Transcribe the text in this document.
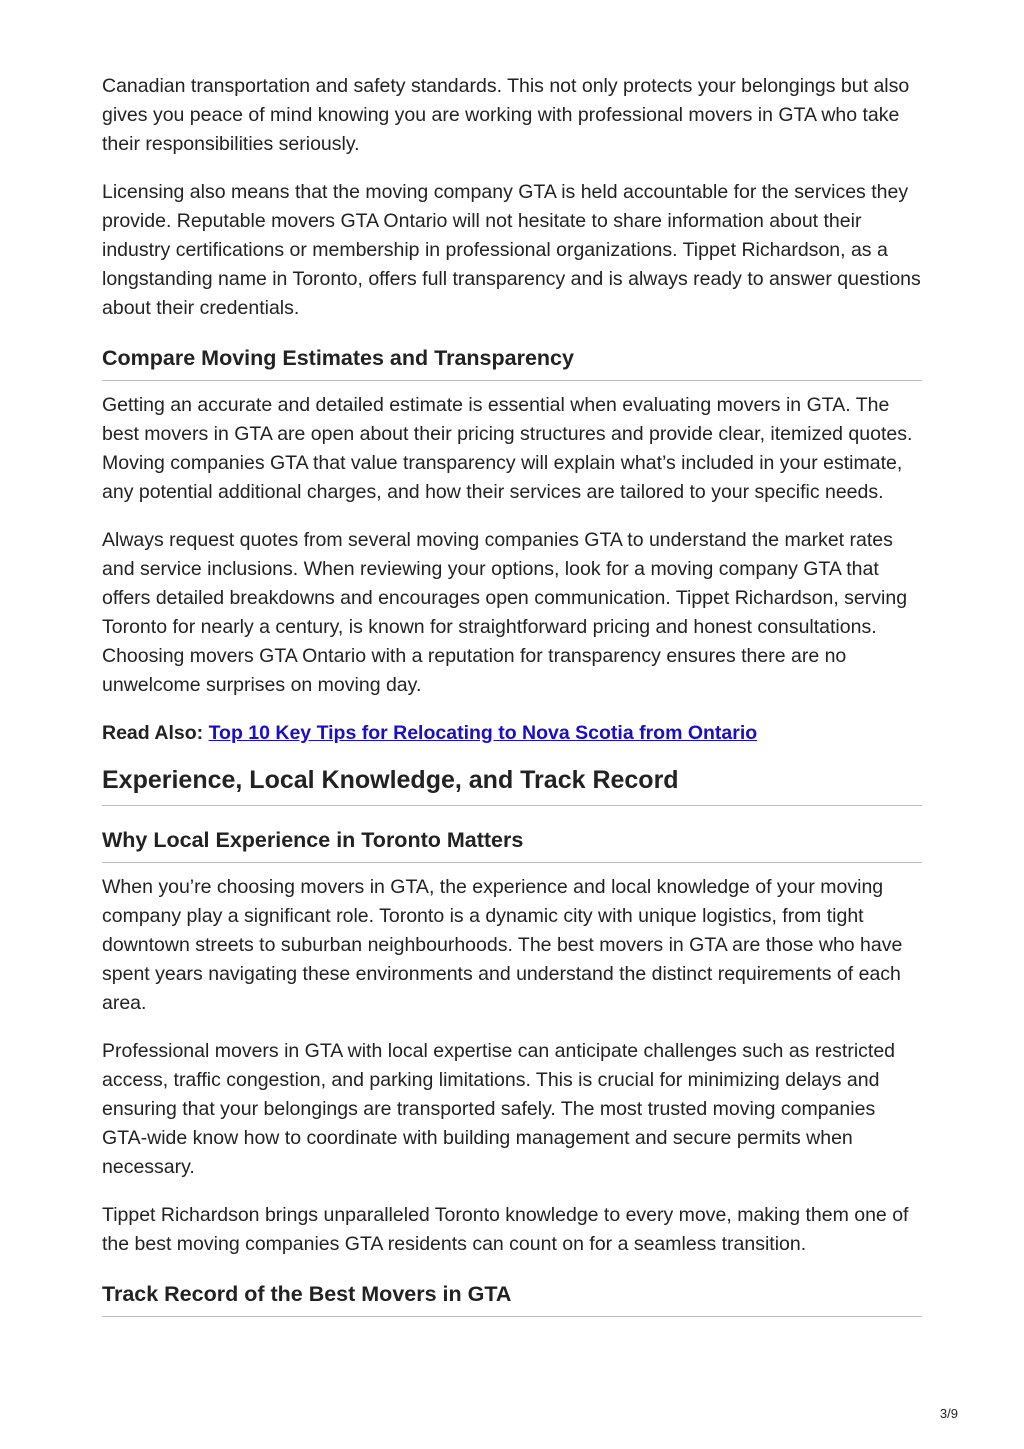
Canadian transportation and safety standards. This not only protects your belongings but also gives you peace of mind knowing you are working with professional movers in GTA who take their responsibilities seriously.

Licensing also means that the moving company GTA is held accountable for the services they provide. Reputable movers GTA Ontario will not hesitate to share information about their industry certifications or membership in professional organizations. Tippet Richardson, as a longstanding name in Toronto, offers full transparency and is always ready to answer questions about their credentials.

Compare Moving Estimates and Transparency

Getting an accurate and detailed estimate is essential when evaluating movers in GTA. The best movers in GTA are open about their pricing structures and provide clear, itemized quotes. Moving companies GTA that value transparency will explain what’s included in your estimate, any potential additional charges, and how their services are tailored to your specific needs.

Always request quotes from several moving companies GTA to understand the market rates and service inclusions. When reviewing your options, look for a moving company GTA that offers detailed breakdowns and encourages open communication. Tippet Richardson, serving Toronto for nearly a century, is known for straightforward pricing and honest consultations. Choosing movers GTA Ontario with a reputation for transparency ensures there are no unwelcome surprises on moving day.

Read Also: Top 10 Key Tips for Relocating to Nova Scotia from Ontario
Experience, Local Knowledge, and Track Record
Why Local Experience in Toronto Matters

When you’re choosing movers in GTA, the experience and local knowledge of your moving company play a significant role. Toronto is a dynamic city with unique logistics, from tight downtown streets to suburban neighbourhoods. The best movers in GTA are those who have spent years navigating these environments and understand the distinct requirements of each area.

Professional movers in GTA with local expertise can anticipate challenges such as restricted access, traffic congestion, and parking limitations. This is crucial for minimizing delays and ensuring that your belongings are transported safely. The most trusted moving companies GTA-wide know how to coordinate with building management and secure permits when necessary.

Tippet Richardson brings unparalleled Toronto knowledge to every move, making them one of the best moving companies GTA residents can count on for a seamless transition.

Track Record of the Best Movers in GTA
3/9
